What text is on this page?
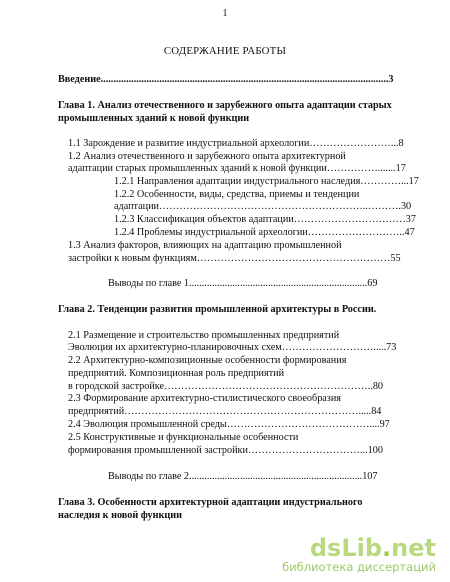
1
СОДЕРЖАНИЕ РАБОТЫ
Введение.................................................................................................................3
Глава 1. Анализ отечественного и зарубежного опыта адаптации старых
промышленных зданий к новой функции
1.1 Зарождение и развитие индустриальной археологии……………………...8
1.2 Анализ отечественного и зарубежного опыта архитектурной
адаптации старых промышленных зданий к новой функции…………….......17
1.2.1 Направления адаптации индустриального наследия…………...17
1.2.2 Особенности, виды, средства, приемы и тенденции
адаптации……………………………………………………..……….30
1.2.3 Классификация объектов адаптации……………………………37
1.2.4 Проблемы индустриальной археологии………………………..47
1.3 Анализ факторов, влияющих на адаптацию промышленной
застройки к новым функциям…………………………………………………55
Выводы по главе 1......................................................................69
Глава 2. Тенденции развития промышленной архитектуры в России.
2.1 Размещение и строительство промышленных предприятий
Эволюция их архитектурно-планировочных схем……………………….....73
2.2 Архитектурно-композиционные особенности формирования
предприятий. Композиционная роль предприятий
в городской застройке……………………………………………………..80
2.3 Формирование архитектурно-стилистического своеобразия
предприятий…………………………………………………………….....84
2.4 Эволюция промышленной среды……………………………………....97
2.5 Конструктивные и функциональные особенности
формирования промышленной застройки……………………………...100
Выводы по главе 2....................................................................107
Глава 3. Особенности архитектурной адаптации индустриального
наследия к новой функции
dsLib.net
библиотека диссертаций
